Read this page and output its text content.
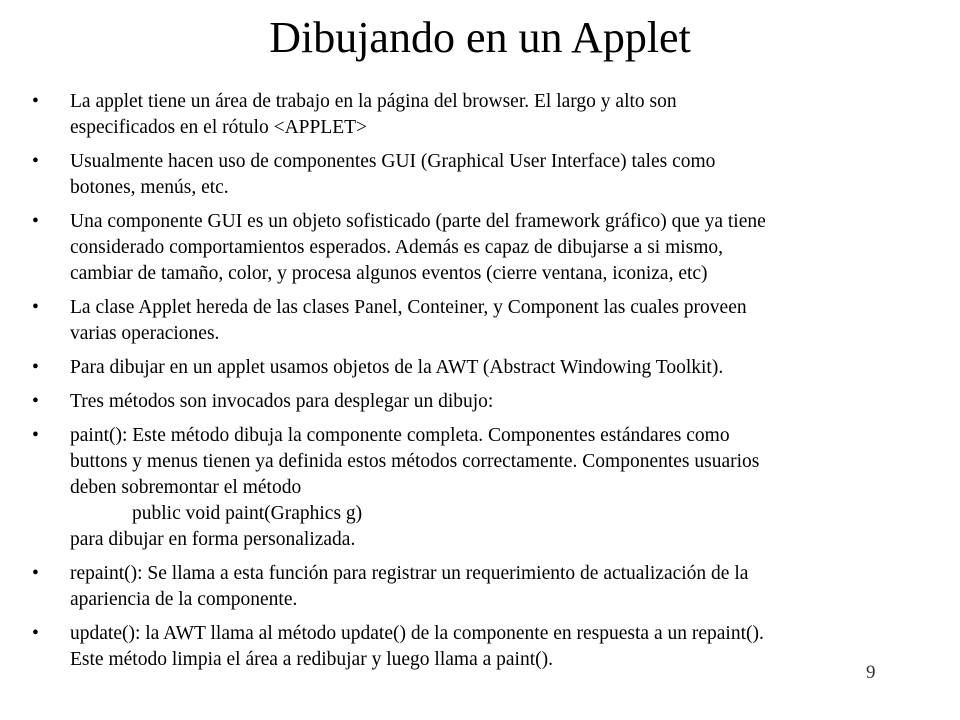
Dibujando en un Applet
•	La applet tiene un área de trabajo en la página del browser. El largo y alto son
especificados en el rótulo <APPLET>
•	Usualmente hacen uso de componentes GUI (Graphical User Interface) tales como
botones, menús, etc.
•	Una componente GUI es un objeto sofisticado (parte del framework gráfico) que ya tiene
considerado comportamientos esperados. Además es capaz de dibujarse a si mismo,
cambiar de tamaño, color, y procesa algunos eventos (cierre ventana, iconiza, etc)
•	La clase Applet hereda de las clases Panel, Conteiner, y Component las cuales proveen
varias operaciones.
•	Para dibujar en un applet usamos objetos de la AWT (Abstract Windowing Toolkit).
•	Tres métodos son invocados para desplegar un dibujo:
•	paint(): Este método dibuja la componente completa. Componentes estándares como
buttons y menus tienen ya definida estos métodos correctamente. Componentes usuarios
deben sobremontar el método
public void paint(Graphics g)
para dibujar en forma personalizada.
•	repaint(): Se llama a esta función para registrar un requerimiento de actualización de la
apariencia de la componente.
•	update(): la AWT llama al método update() de la componente en respuesta a un repaint().
Este método limpia el área a redibujar y luego llama a paint().
9
